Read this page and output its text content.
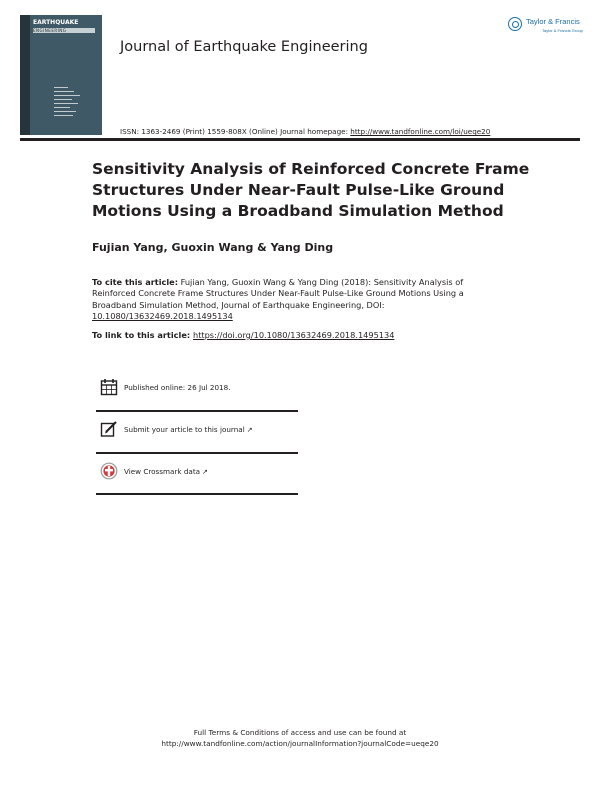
EARTHQUAKE
ENGINEERING
Journal of Earthquake Engineering
Taylor & Francis
Taylor & Francis Group
ISSN: 1363-2469 (Print) 1559-808X (Online) Journal homepage: http://www.tandfonline.com/loi/ueqe20
Sensitivity Analysis of Reinforced Concrete Frame Structures Under Near-Fault Pulse-Like Ground Motions Using a Broadband Simulation Method
Fujian Yang, Guoxin Wang & Yang Ding
To cite this article: Fujian Yang, Guoxin Wang & Yang Ding (2018): Sensitivity Analysis of Reinforced Concrete Frame Structures Under Near-Fault Pulse-Like Ground Motions Using a Broadband Simulation Method, Journal of Earthquake Engineering, DOI: 10.1080/13632469.2018.1495134
To link to this article: https://doi.org/10.1080/13632469.2018.1495134
Published online: 26 Jul 2018.
Submit your article to this journal ↗
View Crossmark data ↗
Full Terms & Conditions of access and use can be found at
http://www.tandfonline.com/action/journalInformation?journalCode=ueqe20
